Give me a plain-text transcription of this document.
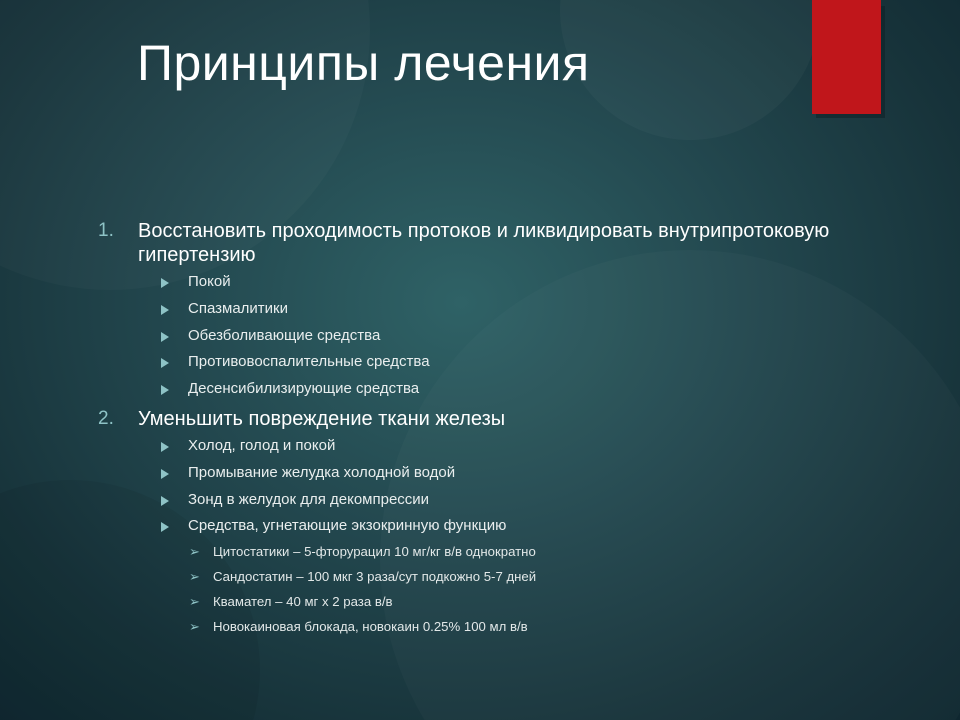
Принципы лечения
1. Восстановить проходимость протоков и ликвидировать внутрипротоковую гипертензию
Покой
Спазмалитики
Обезболивающие средства
Противовоспалительные средства
Десенсибилизирующие средства
2. Уменьшить повреждение ткани железы
Холод, голод и покой
Промывание желудка холодной водой
Зонд в желудок для декомпрессии
Средства, угнетающие экзокринную функцию
➢ Цитостатики – 5-фторурацил 10 мг/кг в/в однократно
➢ Сандостатин – 100 мкг 3 раза/сут подкожно 5-7 дней
➢ Квамател – 40 мг х 2 раза в/в
➢ Новокаиновая блокада, новокаин 0.25% 100 мл в/в
